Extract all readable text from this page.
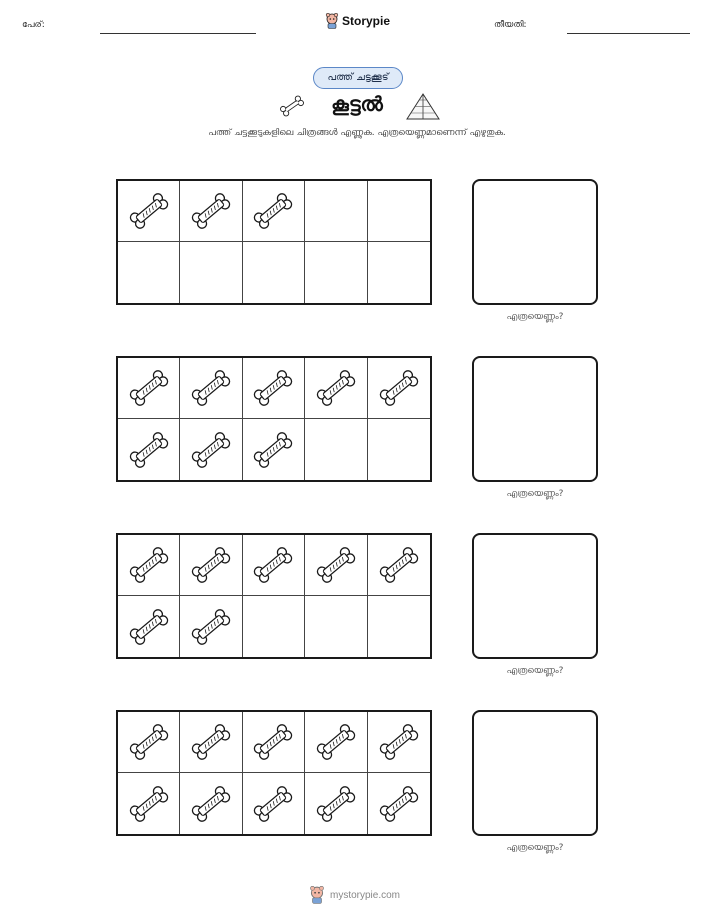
പേര്:	Storypie	തീയതി:
പത്ത് ചട്ടക്കൂട്
കൂട്ടൽ
പത്ത് ചട്ടക്കൂടുകളിലെ ചിത്രങ്ങൾ എണ്ണുക. എത്രയെണ്ണമാണെന്ന് എഴുതുക.
എത്രയെണ്ണം?
എത്രയെണ്ണം?
എത്രയെണ്ണം?
എത്രയെണ്ണം?
mystorypie.com
